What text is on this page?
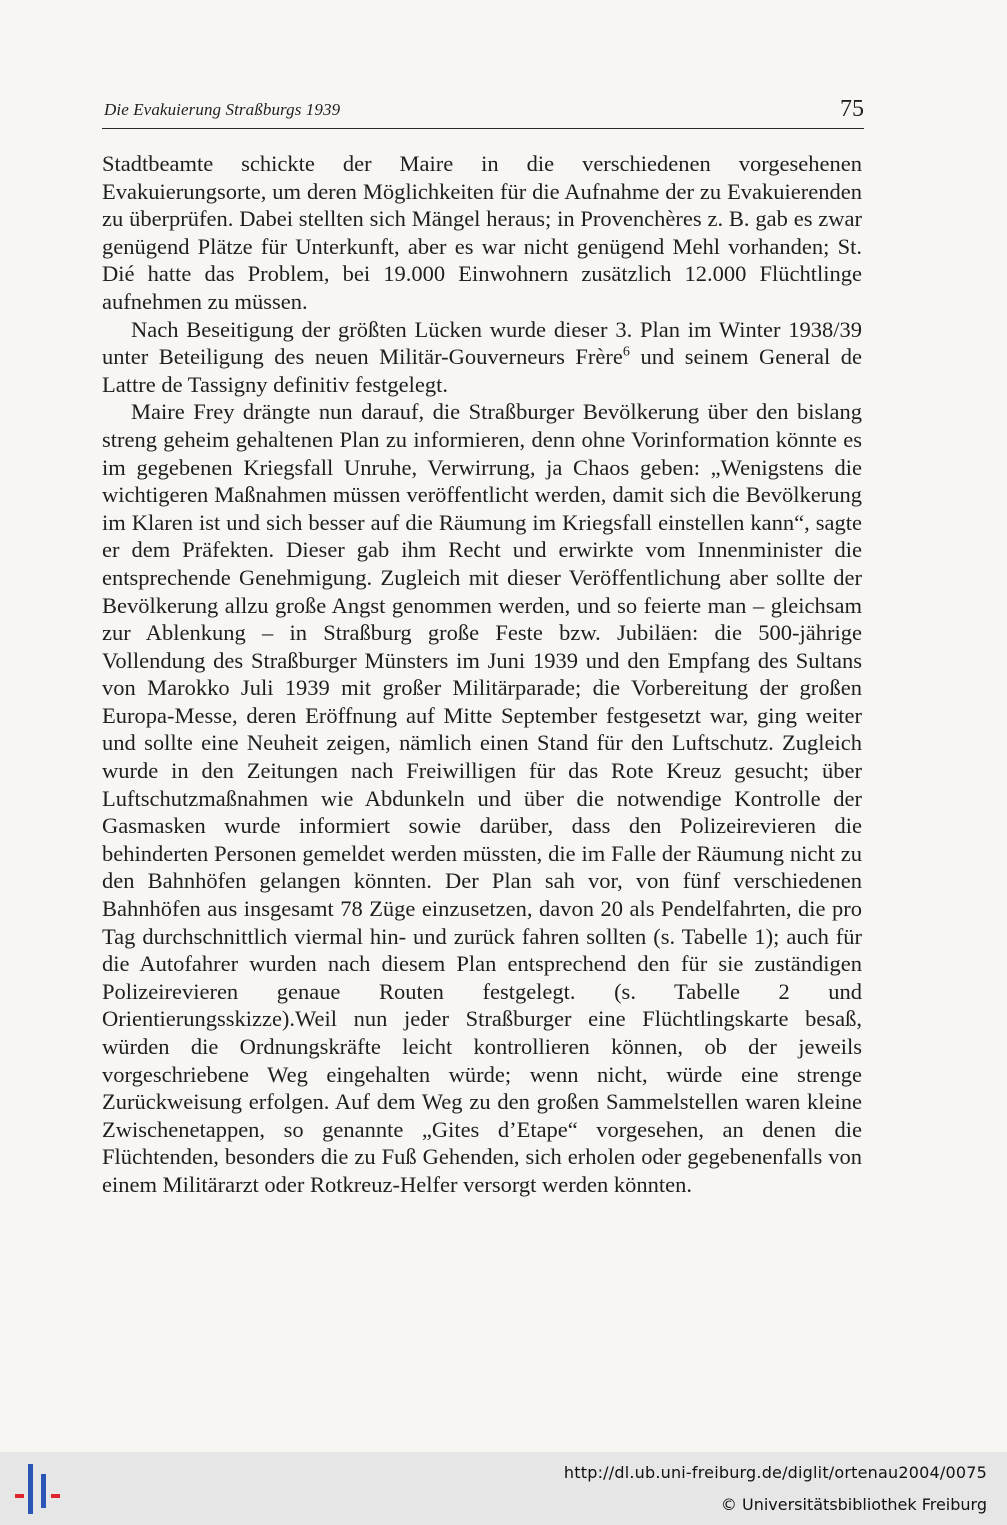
Die Evakuierung Straßburgs 1939	75

Stadtbeamte schickte der Maire in die verschiedenen vorgesehenen Evakuierungsorte, um deren Möglichkeiten für die Aufnahme der zu Evakuierenden zu überprüfen. Dabei stellten sich Mängel heraus; in Provenchères z. B. gab es zwar genügend Plätze für Unterkunft, aber es war nicht genügend Mehl vorhanden; St. Dié hatte das Problem, bei 19.000 Einwohnern zusätzlich 12.000 Flüchtlinge aufnehmen zu müssen.

Nach Beseitigung der größten Lücken wurde dieser 3. Plan im Winter 1938/39 unter Beteiligung des neuen Militär-Gouverneurs Frère$^6$ und seinem General de Lattre de Tassigny definitiv festgelegt.

Maire Frey drängte nun darauf, die Straßburger Bevölkerung über den bislang streng geheim gehaltenen Plan zu informieren, denn ohne Vorinformation könnte es im gegebenen Kriegsfall Unruhe, Verwirrung, ja Chaos geben: „Wenigstens die wichtigeren Maßnahmen müssen veröffentlicht werden, damit sich die Bevölkerung im Klaren ist und sich besser auf die Räumung im Kriegsfall einstellen kann“, sagte er dem Präfekten. Dieser gab ihm Recht und erwirkte vom Innenminister die entsprechende Genehmigung. Zugleich mit dieser Veröffentlichung aber sollte der Bevölkerung allzu große Angst genommen werden, und so feierte man – gleichsam zur Ablenkung – in Straßburg große Feste bzw. Jubiläen: die 500-jährige Vollendung des Straßburger Münsters im Juni 1939 und den Empfang des Sultans von Marokko Juli 1939 mit großer Militärparade; die Vorbereitung der großen Europa-Messe, deren Eröffnung auf Mitte September festgesetzt war, ging weiter und sollte eine Neuheit zeigen, nämlich einen Stand für den Luftschutz. Zugleich wurde in den Zeitungen nach Freiwilligen für das Rote Kreuz gesucht; über Luftschutzmaßnahmen wie Abdunkeln und über die notwendige Kontrolle der Gasmasken wurde informiert sowie darüber, dass den Polizeirevieren die behinderten Personen gemeldet werden müssten, die im Falle der Räumung nicht zu den Bahnhöfen gelangen könnten. Der Plan sah vor, von fünf verschiedenen Bahnhöfen aus insgesamt 78 Züge einzusetzen, davon 20 als Pendelfahrten, die pro Tag durchschnittlich viermal hin- und zurück fahren sollten (s. Tabelle 1); auch für die Autofahrer wurden nach diesem Plan entsprechend den für sie zuständigen Polizeirevieren genaue Routen festgelegt. (s. Tabelle 2 und Orientierungsskizze).Weil nun jeder Straßburger eine Flüchtlingskarte besaß, würden die Ordnungskräfte leicht kontrollieren können, ob der jeweils vorgeschriebene Weg eingehalten würde; wenn nicht, würde eine strenge Zurückweisung erfolgen. Auf dem Weg zu den großen Sammelstellen waren kleine Zwischenetappen, so genannte „Gites d’Etape“ vorgesehen, an denen die Flüchtenden, besonders die zu Fuß Gehenden, sich erholen oder gegebenenfalls von einem Militärarzt oder Rotkreuz-Helfer versorgt werden könnten.

http://dl.ub.uni-freiburg.de/diglit/ortenau2004/0075
© Universitätsbibliothek Freiburg
